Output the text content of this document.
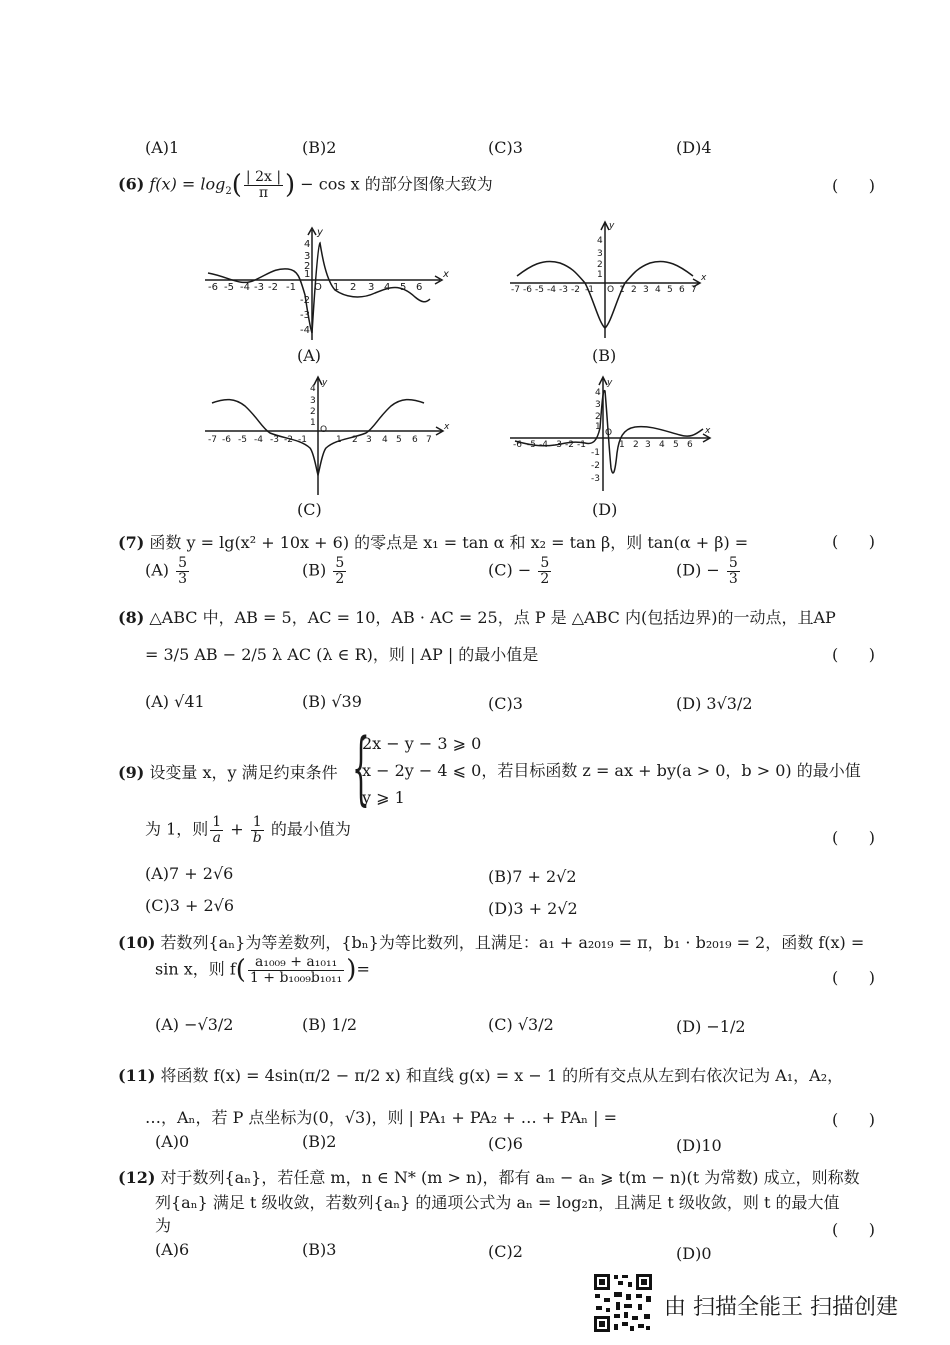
(A)1	(B)2	(C)3	(D)4
(6) $f(x) = \log_2( \frac{| 2x |}{\pi}$ ) − cos x 的部分图像大致为	(      )
-6 -5 -4 -3 -2 -1 O 1 2 3 4 5 6
x
y
4
3
2
1
-2
-3
-4
(A)
-7 -6 -5 -4 -3 -2 -1 O 1 2 3 4 5 6 7
x
y
4
3
2
1
(B)
-7 -6 -5 -4 -3 -2 -1
O
1 2 3 4 5 6 7
x
y
4
3
2
1
(C)
-6 -5 -4 -3 -2 -1
O
1 2 3 4 5 6
x
y
4
3
2
1
-1
-2
-3
(D)
(7) 函数 y = lg(x² + 10x + 6) 的零点是 x₁ = tan α 和 x₂ = tan β，则 tan(α + β) =	(      )
$(A) \frac{5}{3}$	$(B) \frac{5}{2}$	$(C) - \frac{5}{2}$	$(D) - \frac{5}{3}$
(8) △ABC 中，AB = 5，AC = 10，AB · AC = 25，点 P 是 △ABC 内(包括边界)的一动点，且AP
= 3/5 AB − 2/5 λ AC (λ ∈ R)，则 | AP | 的最小值是	(      )
(A) √41	(B) √39	(C)3	(D) 3√3/2
(9) 设变量 x，y 满足约束条件 {
2x − y − 3 ⩾ 0
x − 2y − 4 ⩽ 0，若目标函数 z = ax + by(a > 0，b > 0) 的最小值
y ⩾ 1
为 1，则 $\frac{1}{a} + \frac{1}{b}$ 的最小值为	(      )
(A)7 + 2√6	(B)7 + 2√2
(C)3 + 2√6	(D)3 + 2√2
(10) 若数列{aₙ}为等差数列，{bₙ}为等比数列，且满足：a₁ + a₂₀₁₉ = π，b₁ · b₂₀₁₉ = 2，函数 f(x) =
sin x，则 $f( \frac{\text{a₁₀₀₉ + a₁₀₁₁}}{\text{1 + b₁₀₀₉b₁₀₁₁}}$ )=	(      )
(A) −√3/2	(B) 1/2	(C) √3/2	(D) −1/2
(11) 将函数 f(x) = 4sin(π/2 − π/2 x) 和直线 g(x) = x − 1 的所有交点从左到右依次记为 A₁，A₂，
…，Aₙ，若 P 点坐标为(0，√3)，则 | PA₁ + PA₂ + … + PAₙ | =	(      )
(A)0	(B)2	(C)6	(D)10
(12) 对于数列{aₙ}，若任意 m，n ∈ N* (m > n)，都有 aₘ − aₙ ⩾ t(m − n)(t 为常数) 成立，则称数
列{aₙ} 满足 t 级收敛，若数列{aₙ} 的通项公式为 aₙ = log₂n，且满足 t 级收敛，则 t 的最大值
为	(      )
(A)6	(B)3	(C)2	(D)0
由 扫描全能王 扫描创建
